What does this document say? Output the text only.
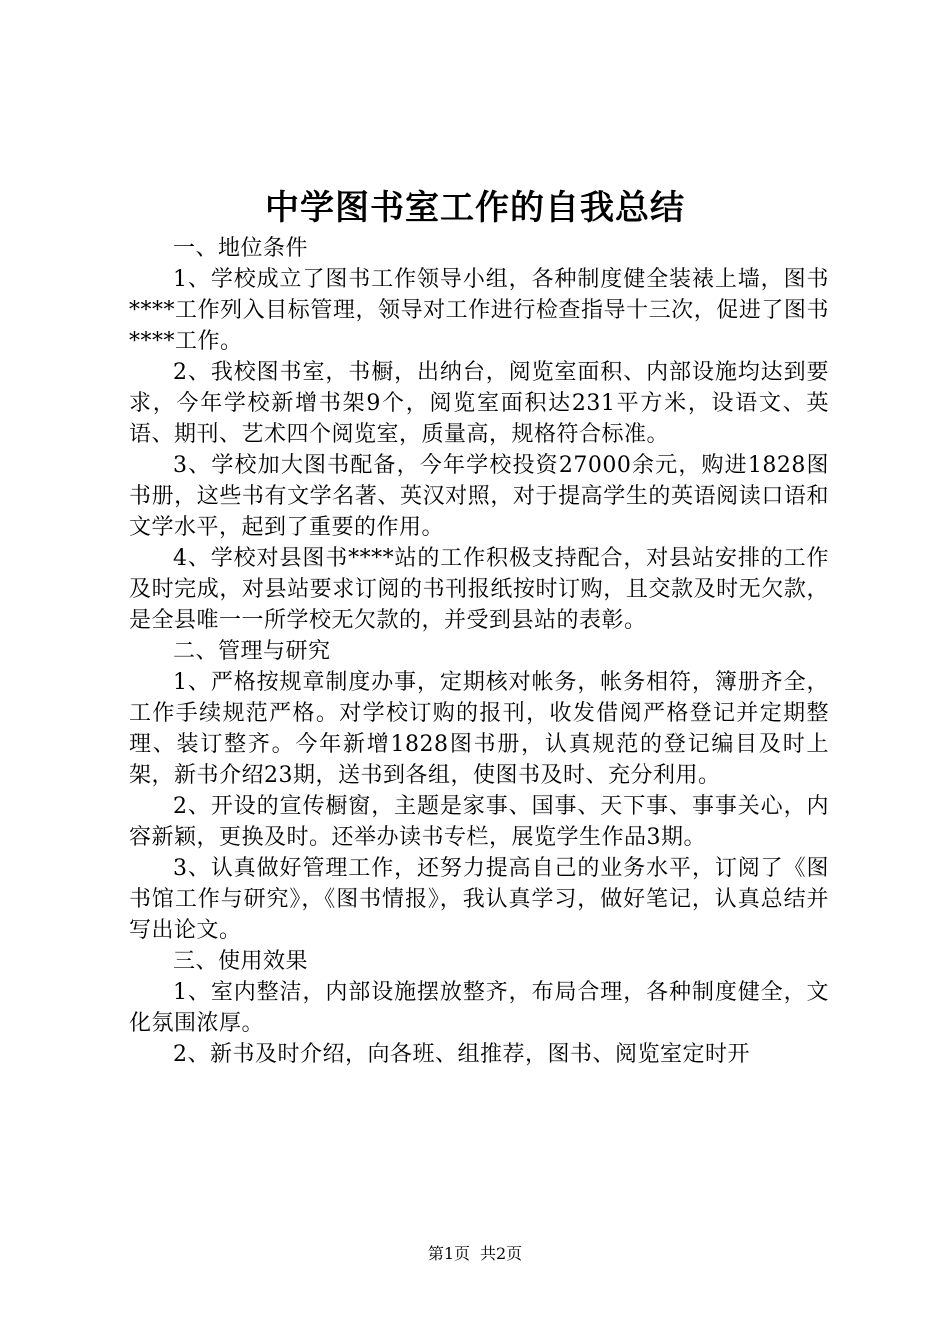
中学图书室工作的自我总结

一、地位条件

1、学校成立了图书工作领导小组，各种制度健全装裱上墙，图书****工作列入目标管理，领导对工作进行检查指导十三次，促进了图书****工作。

2、我校图书室，书橱，出纳台，阅览室面积、内部设施均达到要求，今年学校新增书架9个，阅览室面积达231平方米，设语文、英语、期刊、艺术四个阅览室，质量高，规格符合标准。

3、学校加大图书配备，今年学校投资27000余元，购进1828图书册，这些书有文学名著、英汉对照，对于提高学生的英语阅读口语和文学水平，起到了重要的作用。

4、学校对县图书****站的工作积极支持配合，对县站安排的工作及时完成，对县站要求订阅的书刊报纸按时订购，且交款及时无欠款，是全县唯一一所学校无欠款的，并受到县站的表彰。

二、管理与研究

1、严格按规章制度办事，定期核对帐务，帐务相符，簿册齐全，工作手续规范严格。对学校订购的报刊，收发借阅严格登记并定期整理、装订整齐。今年新增1828图书册，认真规范的登记编目及时上架，新书介绍23期，送书到各组，使图书及时、充分利用。

2、开设的宣传橱窗，主题是家事、国事、天下事、事事关心，内容新颖，更换及时。还举办读书专栏，展览学生作品3期。

3、认真做好管理工作，还努力提高自己的业务水平，订阅了《图书馆工作与研究》，《图书情报》，我认真学习，做好笔记，认真总结并写出论文。

三、使用效果

1、室内整洁，内部设施摆放整齐，布局合理，各种制度健全，文化氛围浓厚。

2、新书及时介绍，向各班、组推荐，图书、阅览室定时开

第1页 共2页
